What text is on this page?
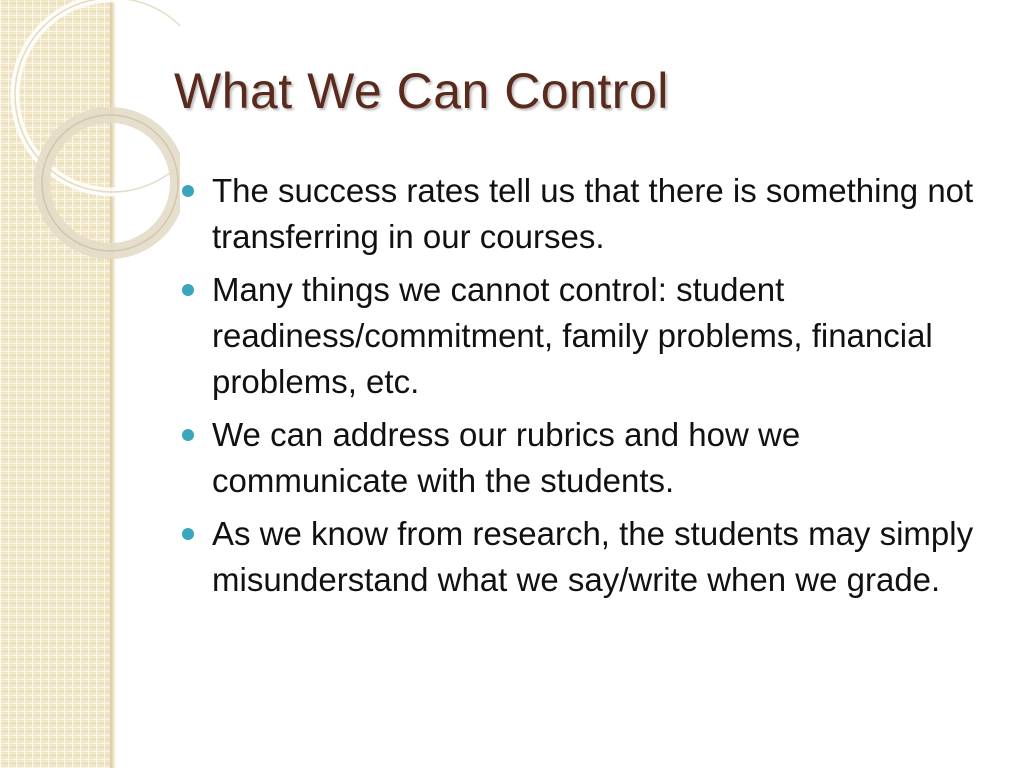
What We Can Control
The success rates tell us that there is something not transferring in our courses.
Many things we cannot control: student readiness/commitment, family problems, financial problems, etc.
We can address our rubrics and how we communicate with the students.
As we know from research, the students may simply misunderstand what we say/write when we grade.
